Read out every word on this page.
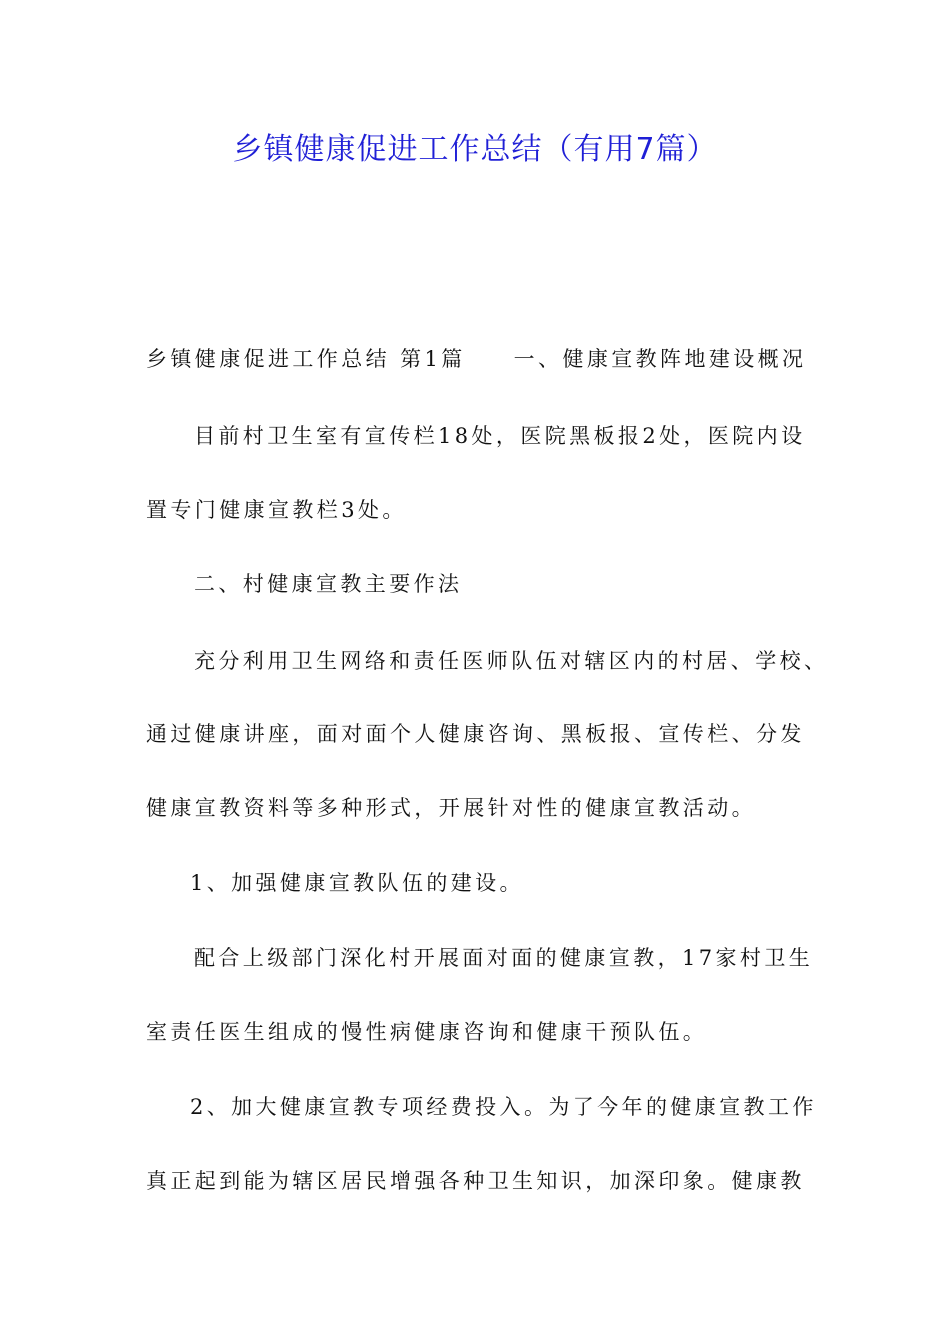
乡镇健康促进工作总结（有用7篇）
乡镇健康促进工作总结 第1篇 一、健康宣教阵地建设概况
目前村卫生室有宣传栏18处，医院黑板报2处，医院内设
置专门健康宣教栏3处。
二、村健康宣教主要作法
充分利用卫生网络和责任医师队伍对辖区内的村居、学校、
通过健康讲座，面对面个人健康咨询、黑板报、宣传栏、分发
健康宣教资料等多种形式，开展针对性的健康宣教活动。
1、加强健康宣教队伍的建设。
配合上级部门深化村开展面对面的健康宣教，17家村卫生
室责任医生组成的慢性病健康咨询和健康干预队伍。
2、加大健康宣教专项经费投入。为了今年的健康宣教工作
真正起到能为辖区居民增强各种卫生知识，加深印象。健康教
